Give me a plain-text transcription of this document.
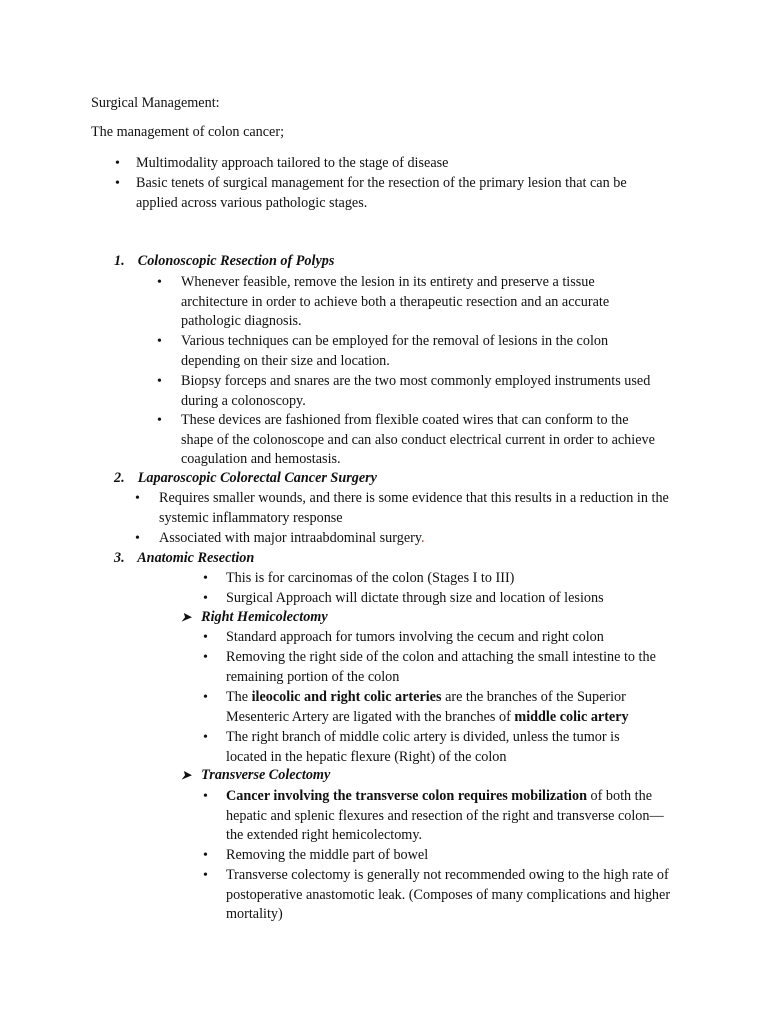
Surgical Management:
The management of colon cancer;
•
Multimodality approach tailored to the stage of disease
•
Basic tenets of surgical management for the resection of the primary lesion that can be applied across various pathologic stages.
1. Colonoscopic Resection of Polyps
•
Whenever feasible, remove the lesion in its entirety and preserve a tissue architecture in order to achieve both a therapeutic resection and an accurate pathologic diagnosis.
•
Various techniques can be employed for the removal of lesions in the colon depending on their size and location.
•
Biopsy forceps and snares are the two most commonly employed instruments used during a colonoscopy.
•
These devices are fashioned from flexible coated wires that can conform to the shape of the colonoscope and can also conduct electrical current in order to achieve coagulation and hemostasis.
2. Laparoscopic Colorectal Cancer Surgery
•
Requires smaller wounds, and there is some evidence that this results in a reduction in the systemic inflammatory response
•
Associated with major intraabdominal surgery.
3. Anatomic Resection
•
This is for carcinomas of the colon (Stages I to III)
•
Surgical Approach will dictate through size and location of lesions
➤ Right Hemicolectomy
•
Standard approach for tumors involving the cecum and right colon
•
Removing the right side of the colon and attaching the small intestine to the remaining portion of the colon
•
The ileocolic and right colic arteries are the branches of the Superior Mesenteric Artery are ligated with the branches of middle colic artery
•
The right branch of middle colic artery is divided, unless the tumor is located in the hepatic flexure (Right) of the colon
➤ Transverse Colectomy
•
Cancer involving the transverse colon requires mobilization of both the hepatic and splenic flexures and resection of the right and transverse colon—the extended right hemicolectomy.
•
Removing the middle part of bowel
•
Transverse colectomy is generally not recommended owing to the high rate of postoperative anastomotic leak. (Composes of many complications and higher mortality)
